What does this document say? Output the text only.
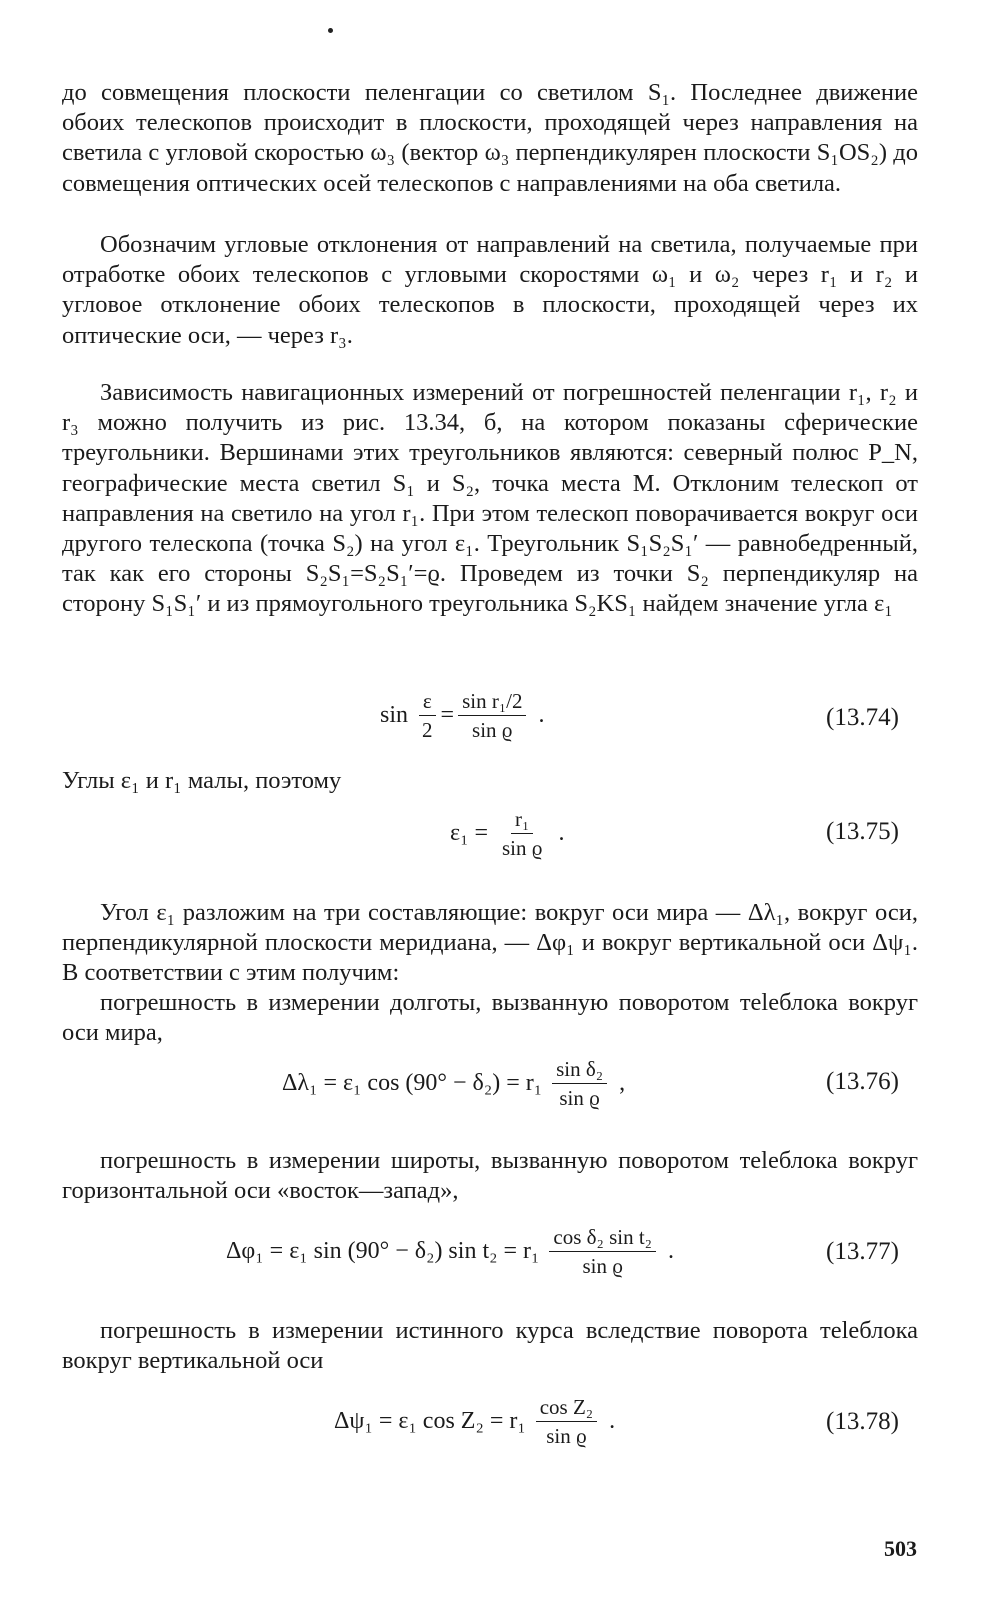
до совмещения плоскости пеленгации со светилом S₁. Последнее движение обоих телескопов происходит в плоскости, проходящей через направления на светила с угловой скоростью ω₃ (вектор ω₃ перпендикулярен плоскости S₁OS₂) до совмещения оптических осей телескопов с направлениями на оба светила.

Обозначим угловые отклонения от направлений на светила, получаемые при отработке обоих телескопов с угловыми скоростями ω₁ и ω₂ через r₁ и r₂ и угловое отклонение обоих телескопов в плоскости, проходящей через их оптические оси, — через r₃.

Зависимость навигационных измерений от погрешностей пеленгации r₁, r₂ и r₃ можно получить из рис. 13.34, б, на котором показаны сферические треугольники. Вершинами этих треугольников являются: северный полюс P_N, географические места светил S₁ и S₂, точка места M. Отклоним телескоп от направления на светило на угол r₁. При этом телескоп поворачивается вокруг оси другого телескопа (точка S₂) на угол ε₁. Треугольник S₁S₂S₁′ — равнобедренный, так как его стороны S₂S₁=S₂S₁′=ϱ. Проведем из точки S₂ перпендикуляр на сторону S₁S₁′ и из прямоугольного треугольника S₂KS₁ найдем значение угла ε₁

$\sin \frac{\varepsilon}{2} = \frac{\text{sin r₁/2}}{\text{sin ϱ}}$ .	(13.74)
Углы ε₁ и r₁ малы, поэтому
$\varepsilon_1 = \frac{\text{r₁}}{\text{sin ϱ}}$ .	(13.75)

Угол ε₁ разложим на три составляющие: вокруг оси мира — Δλ₁, вокруг оси, перпендикулярной плоскости меридиана, — Δφ₁ и вокруг вертикальной оси Δψ₁. В соответствии с этим получим:

погрешность в измерении долготы, вызванную поворотом теleблока вокруг оси мира,

Δλ₁ = ε₁ $\cos (90^\circ - \delta_2) = r_1 \frac{\text{sin δ₂}}{\text{sin ϱ}}$ ,	(13.76)

погрешность в измерении широты, вызванную поворотом теleблока вокруг горизонтальной оси «восток—запад»,

Δφ₁ = ε₁ sin (90° − δ₂) $\sin t_2 = r_1 \frac{\text{cos δ₂ sin t₂}}{\text{sin ϱ}}$ .	(13.77)

погрешность в измерении истинного курса вследствие поворота теleблока вокруг вертикальной оси

Δψ₁ = ε₁ $\cos Z_2 = r_1 \frac{\text{cos Z₂}}{\text{sin ϱ}}$ .	(13.78)
503
